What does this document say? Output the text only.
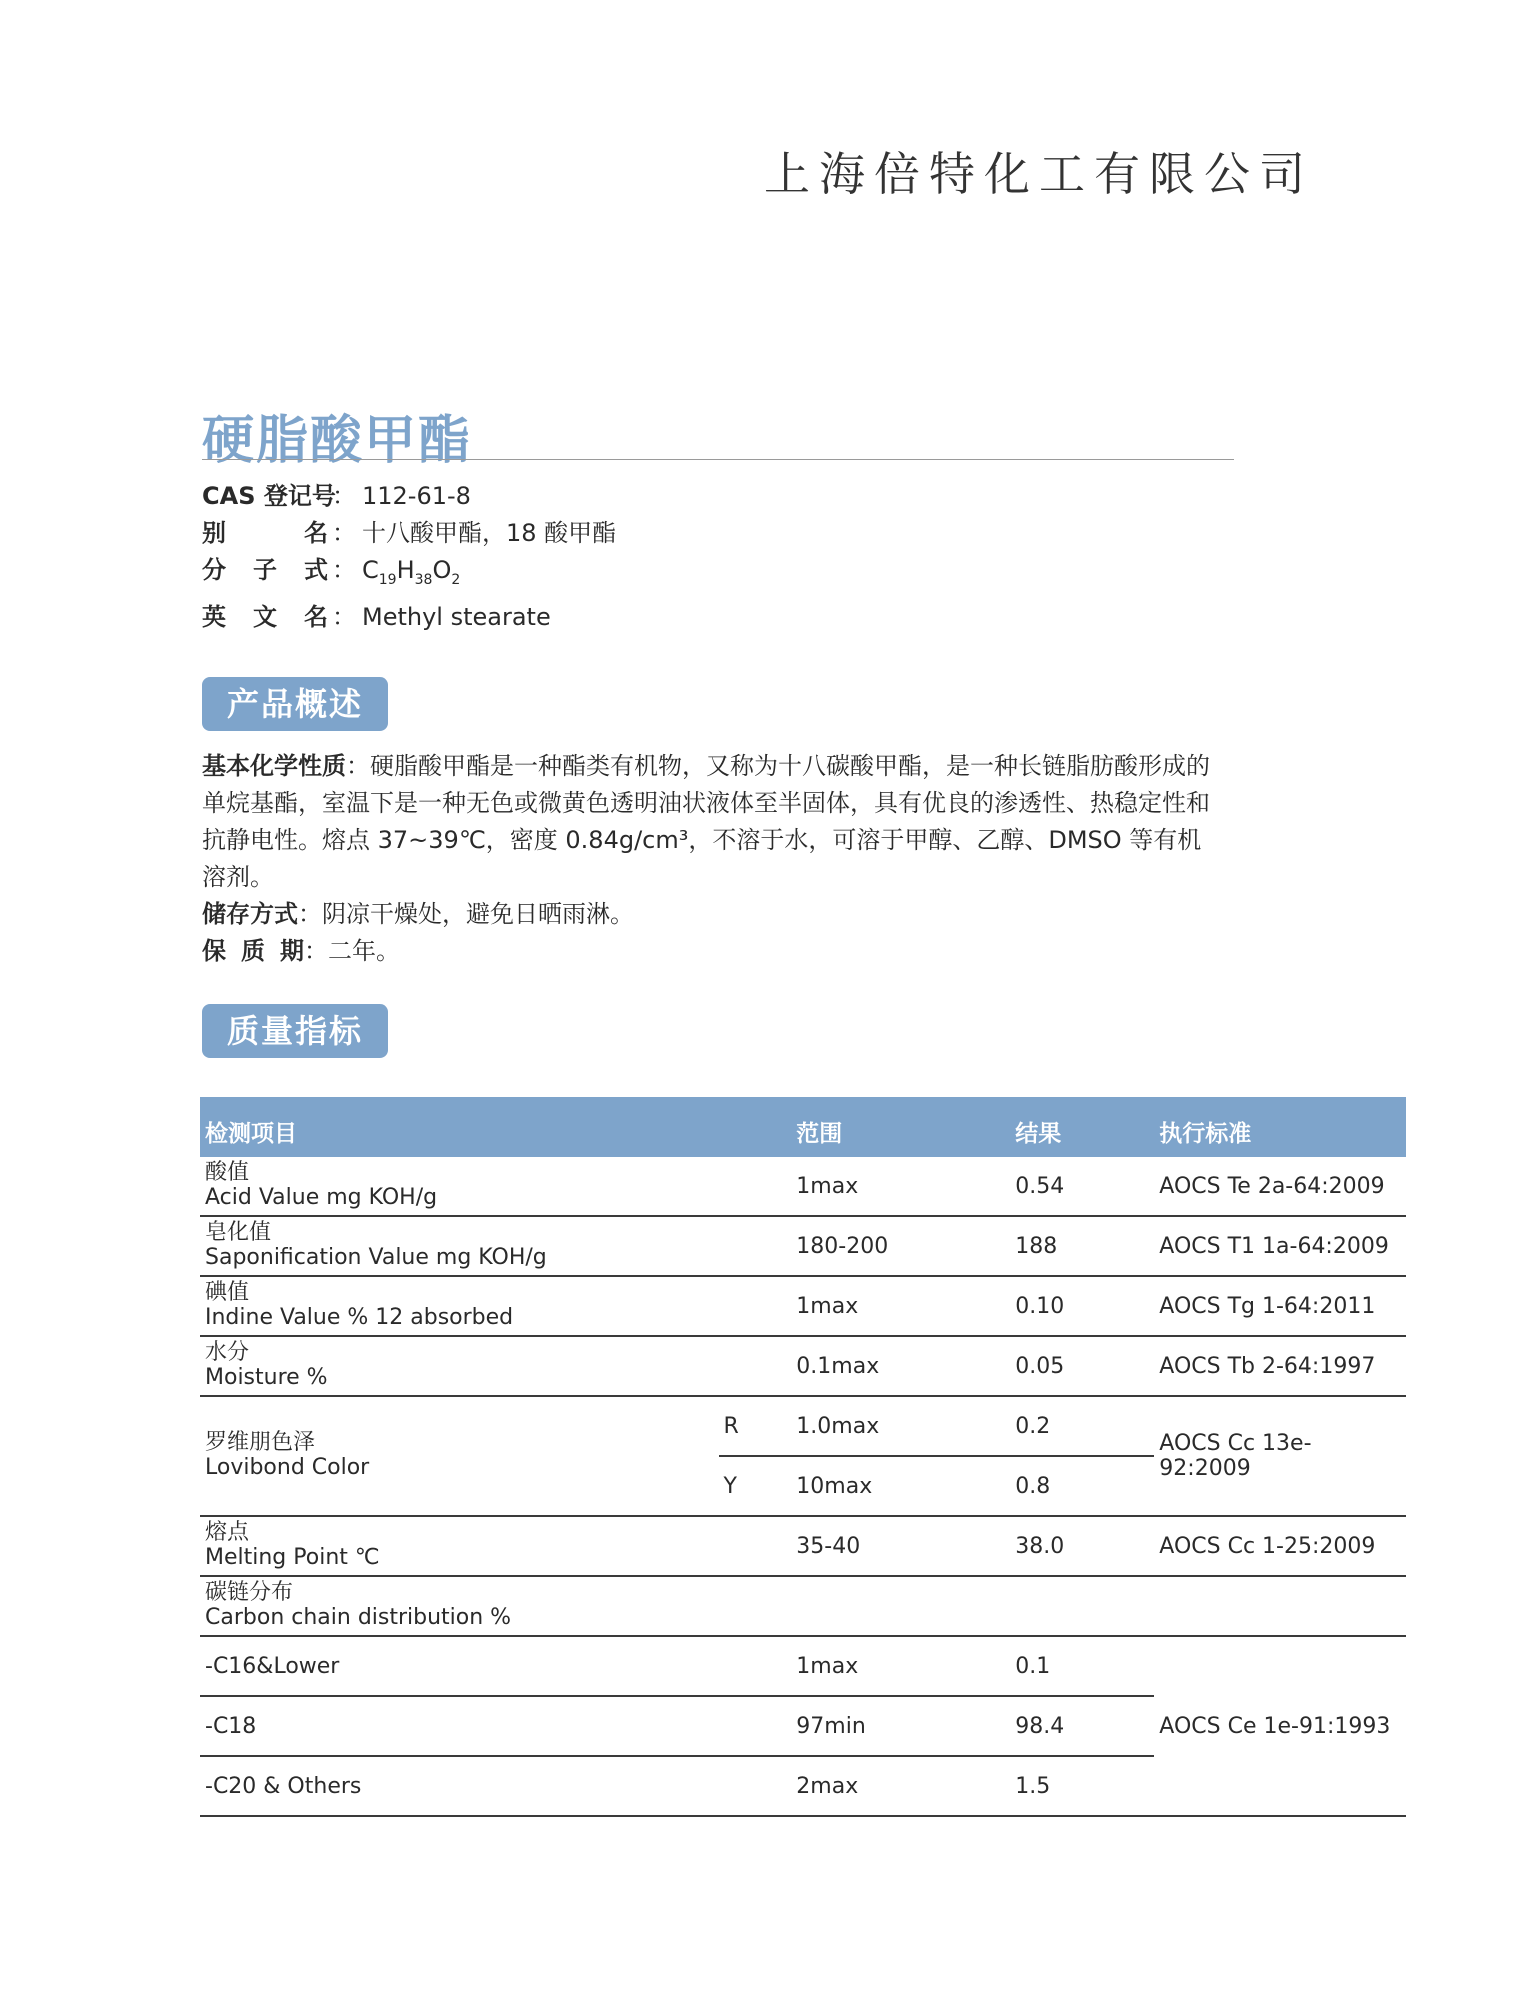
上海倍特化工有限公司
硬脂酸甲酯
CAS 登记号
： 112-61-8
别	名 ： 十八酸甲酯，18 酸甲酯
分 子 式 ： $C_{19}H_{38}O_2$
英 文 名 ： Methyl stearate
产品概述

基本化学性质：硬脂酸甲酯是一种酯类有机物，又称为十八碳酸甲酯，是一种长链脂肪酸形成的单烷基酯，室温下是一种无色或微黄色透明油状液体至半固体，具有优良的渗透性、热稳定性和抗静电性。熔点 37~39℃，密度 0.84g/cm³，不溶于水，可溶于甲醇、乙醇、DMSO 等有机溶剂。

储存方式：阴凉干燥处，避免日晒雨淋。

保 质 期 ：二年。

质量指标
检测项目		范围	结果	执行标准

酸值
Acid Value mg KOH/g		1max	0.54	AOCS Te 2a-64:2009

皂化值
Saponification Value mg KOH/g		180-200	188	AOCS T1 1a-64:2009

碘值
Indine Value % 12 absorbed		1max	0.10	AOCS Tg 1-64:2011

水分
Moisture %		0.1max	0.05	AOCS Tb 2-64:1997

罗维朋色泽
Lovibond Color	R	1.0max	0.2	AOCS Cc 13e-92:2009
	Y	10max	0.8	

熔点
Melting Point ℃		35-40	38.0	AOCS Cc 1-25:2009

碳链分布
Carbon chain distribution %				

-C16&Lower		1max	0.1	AOCS Ce 1e-91:1993
-C18		97min	98.4	
-C20 & Others		2max	1.5	
